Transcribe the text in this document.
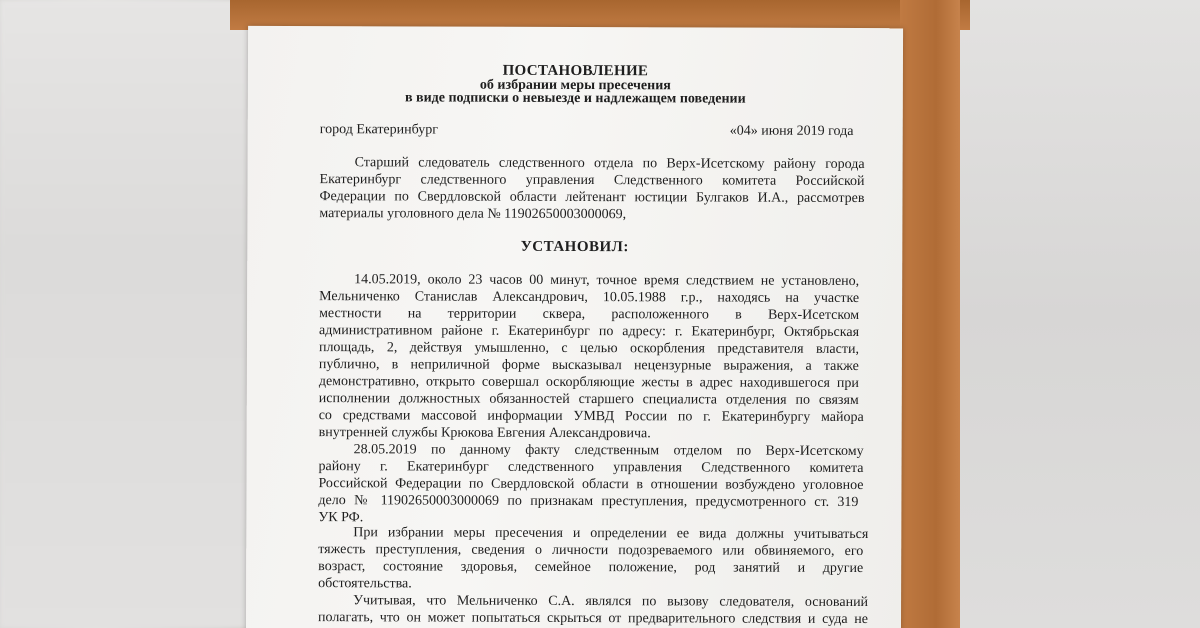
ПОСТАНОВЛЕНИЕ
об избрании меры пресечения
в виде подписки о невыезде и надлежащем поведении
город Екатеринбург	«04» июня 2019 года
Старший следователь следственного отдела по Верх-Исетскому району города
Екатеринбург следственного управления Следственного комитета Российской
Федерации по Свердловской области лейтенант юстиции Булгаков И.А., рассмотрев
материалы уголовного дела № 11902650003000069,
УСТАНОВИЛ:
14.05.2019, около 23 часов 00 минут, точное время следствием не установлено,
Мельниченко Станислав Александрович, 10.05.1988 г.р., находясь на участке
местности на территории сквера, расположенного в Верх-Исетском
административном районе г. Екатеринбург по адресу: г. Екатеринбург, Октябрьская
площадь, 2, действуя умышленно, с целью оскорбления представителя власти,
публично, в неприличной форме высказывал нецензурные выражения, а также
демонстративно, открыто совершал оскорбляющие жесты в адрес находившегося при
исполнении должностных обязанностей старшего специалиста отделения по связям
со средствами массовой информации УМВД России по г. Екатеринбургу майора
внутренней службы Крюкова Евгения Александровича.
28.05.2019 по данному факту следственным отделом по Верх-Исетскому
району г. Екатеринбург следственного управления Следственного комитета
Российской Федерации по Свердловской области в отношении возбуждено уголовное
дело № 11902650003000069 по признакам преступления, предусмотренного ст. 319
УК РФ.
При избрании меры пресечения и определении ее вида должны учитываться
тяжесть преступления, сведения о личности подозреваемого или обвиняемого, его
возраст, состояние здоровья, семейное положение, род занятий и другие
обстоятельства.
Учитывая, что Мельниченко С.А. являлся по вызову следователя, оснований
полагать, что он может попытаться скрыться от предварительного следствия и суда не
